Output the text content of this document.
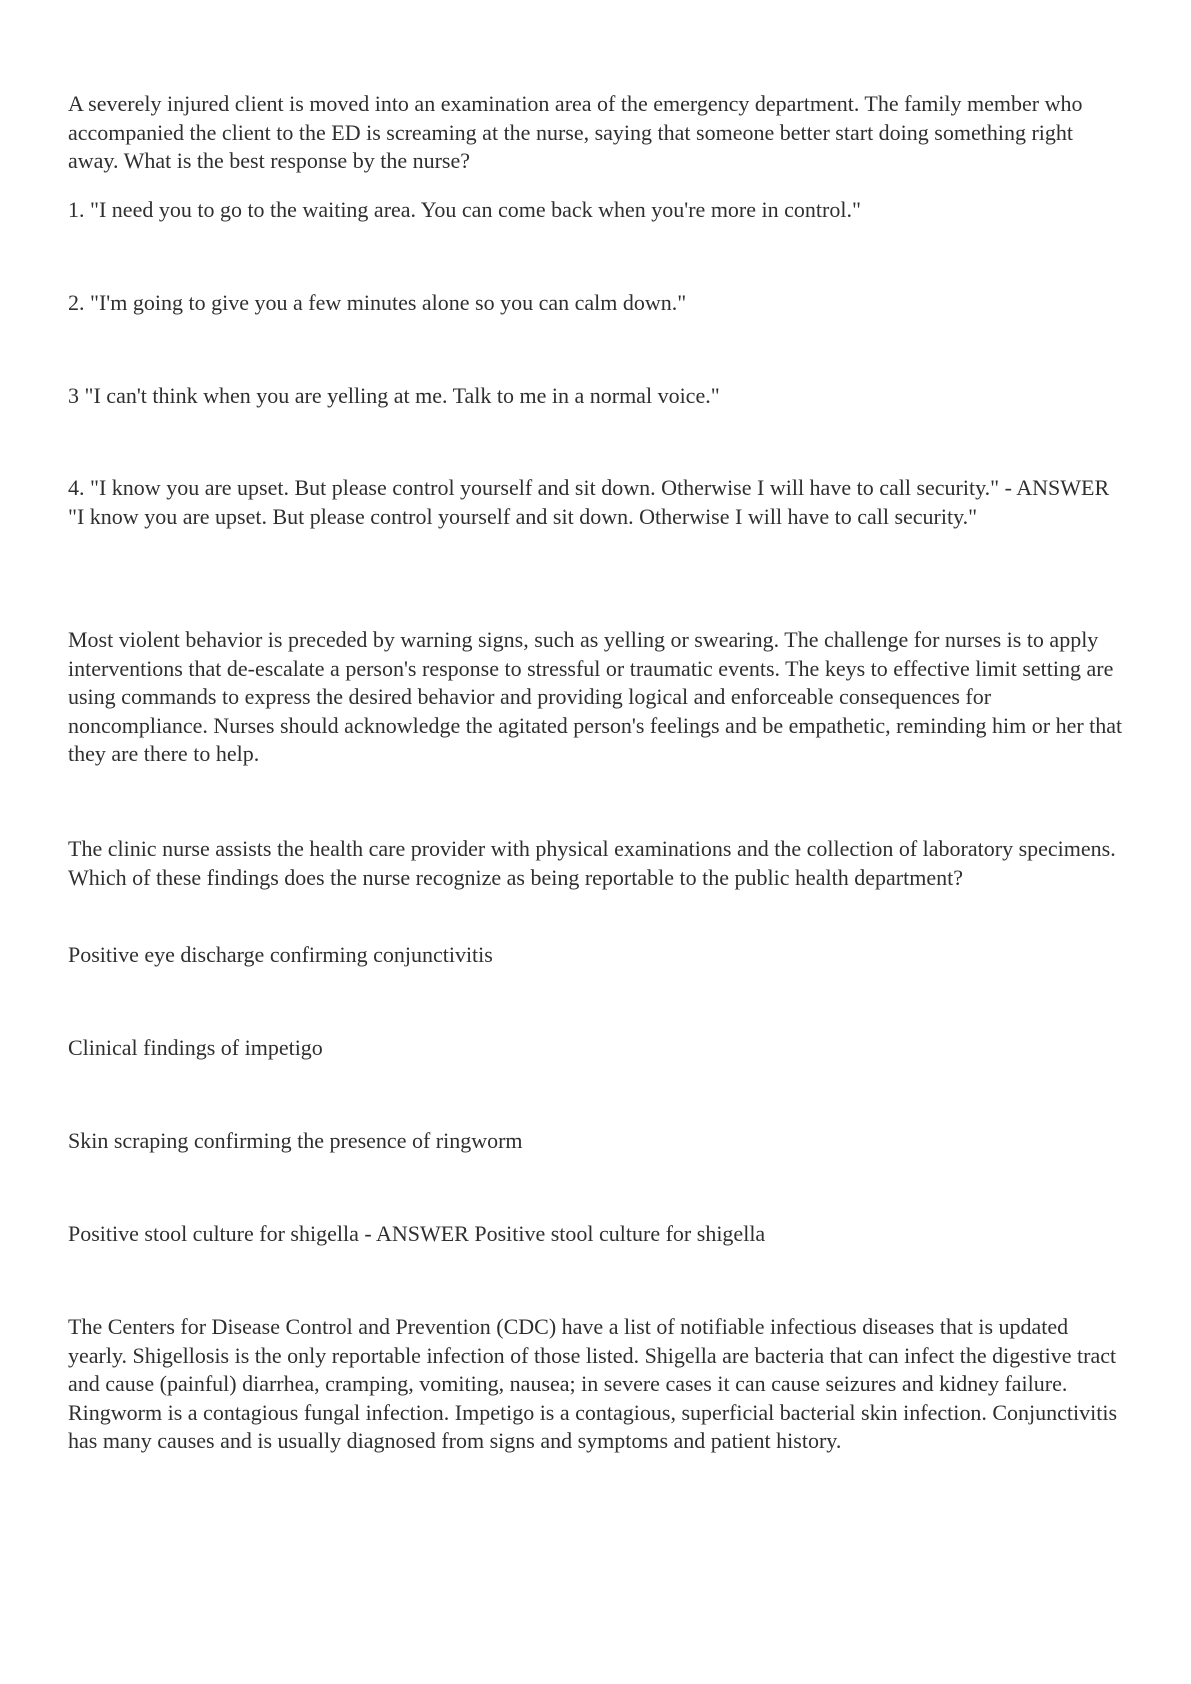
A severely injured client is moved into an examination area of the emergency department. The family member who accompanied the client to the ED is screaming at the nurse, saying that someone better start doing something right away. What is the best response by the nurse?

1. "I need you to go to the waiting area. You can come back when you're more in control."

2. "I'm going to give you a few minutes alone so you can calm down."

3 "I can't think when you are yelling at me. Talk to me in a normal voice."

4. "I know you are upset. But please control yourself and sit down. Otherwise I will have to call security." - ANSWER "I know you are upset. But please control yourself and sit down. Otherwise I will have to call security."

Most violent behavior is preceded by warning signs, such as yelling or swearing. The challenge for nurses is to apply interventions that de-escalate a person's response to stressful or traumatic events. The keys to effective limit setting are using commands to express the desired behavior and providing logical and enforceable consequences for noncompliance. Nurses should acknowledge the agitated person's feelings and be empathetic, reminding him or her that they are there to help.

The clinic nurse assists the health care provider with physical examinations and the collection of laboratory specimens. Which of these findings does the nurse recognize as being reportable to the public health department?

Positive eye discharge confirming conjunctivitis

Clinical findings of impetigo

Skin scraping confirming the presence of ringworm

Positive stool culture for shigella - ANSWER Positive stool culture for shigella

The Centers for Disease Control and Prevention (CDC) have a list of notifiable infectious diseases that is updated yearly. Shigellosis is the only reportable infection of those listed. Shigella are bacteria that can infect the digestive tract and cause (painful) diarrhea, cramping, vomiting, nausea; in severe cases it can cause seizures and kidney failure. Ringworm is a contagious fungal infection. Impetigo is a contagious, superficial bacterial skin infection. Conjunctivitis has many causes and is usually diagnosed from signs and symptoms and patient history.
